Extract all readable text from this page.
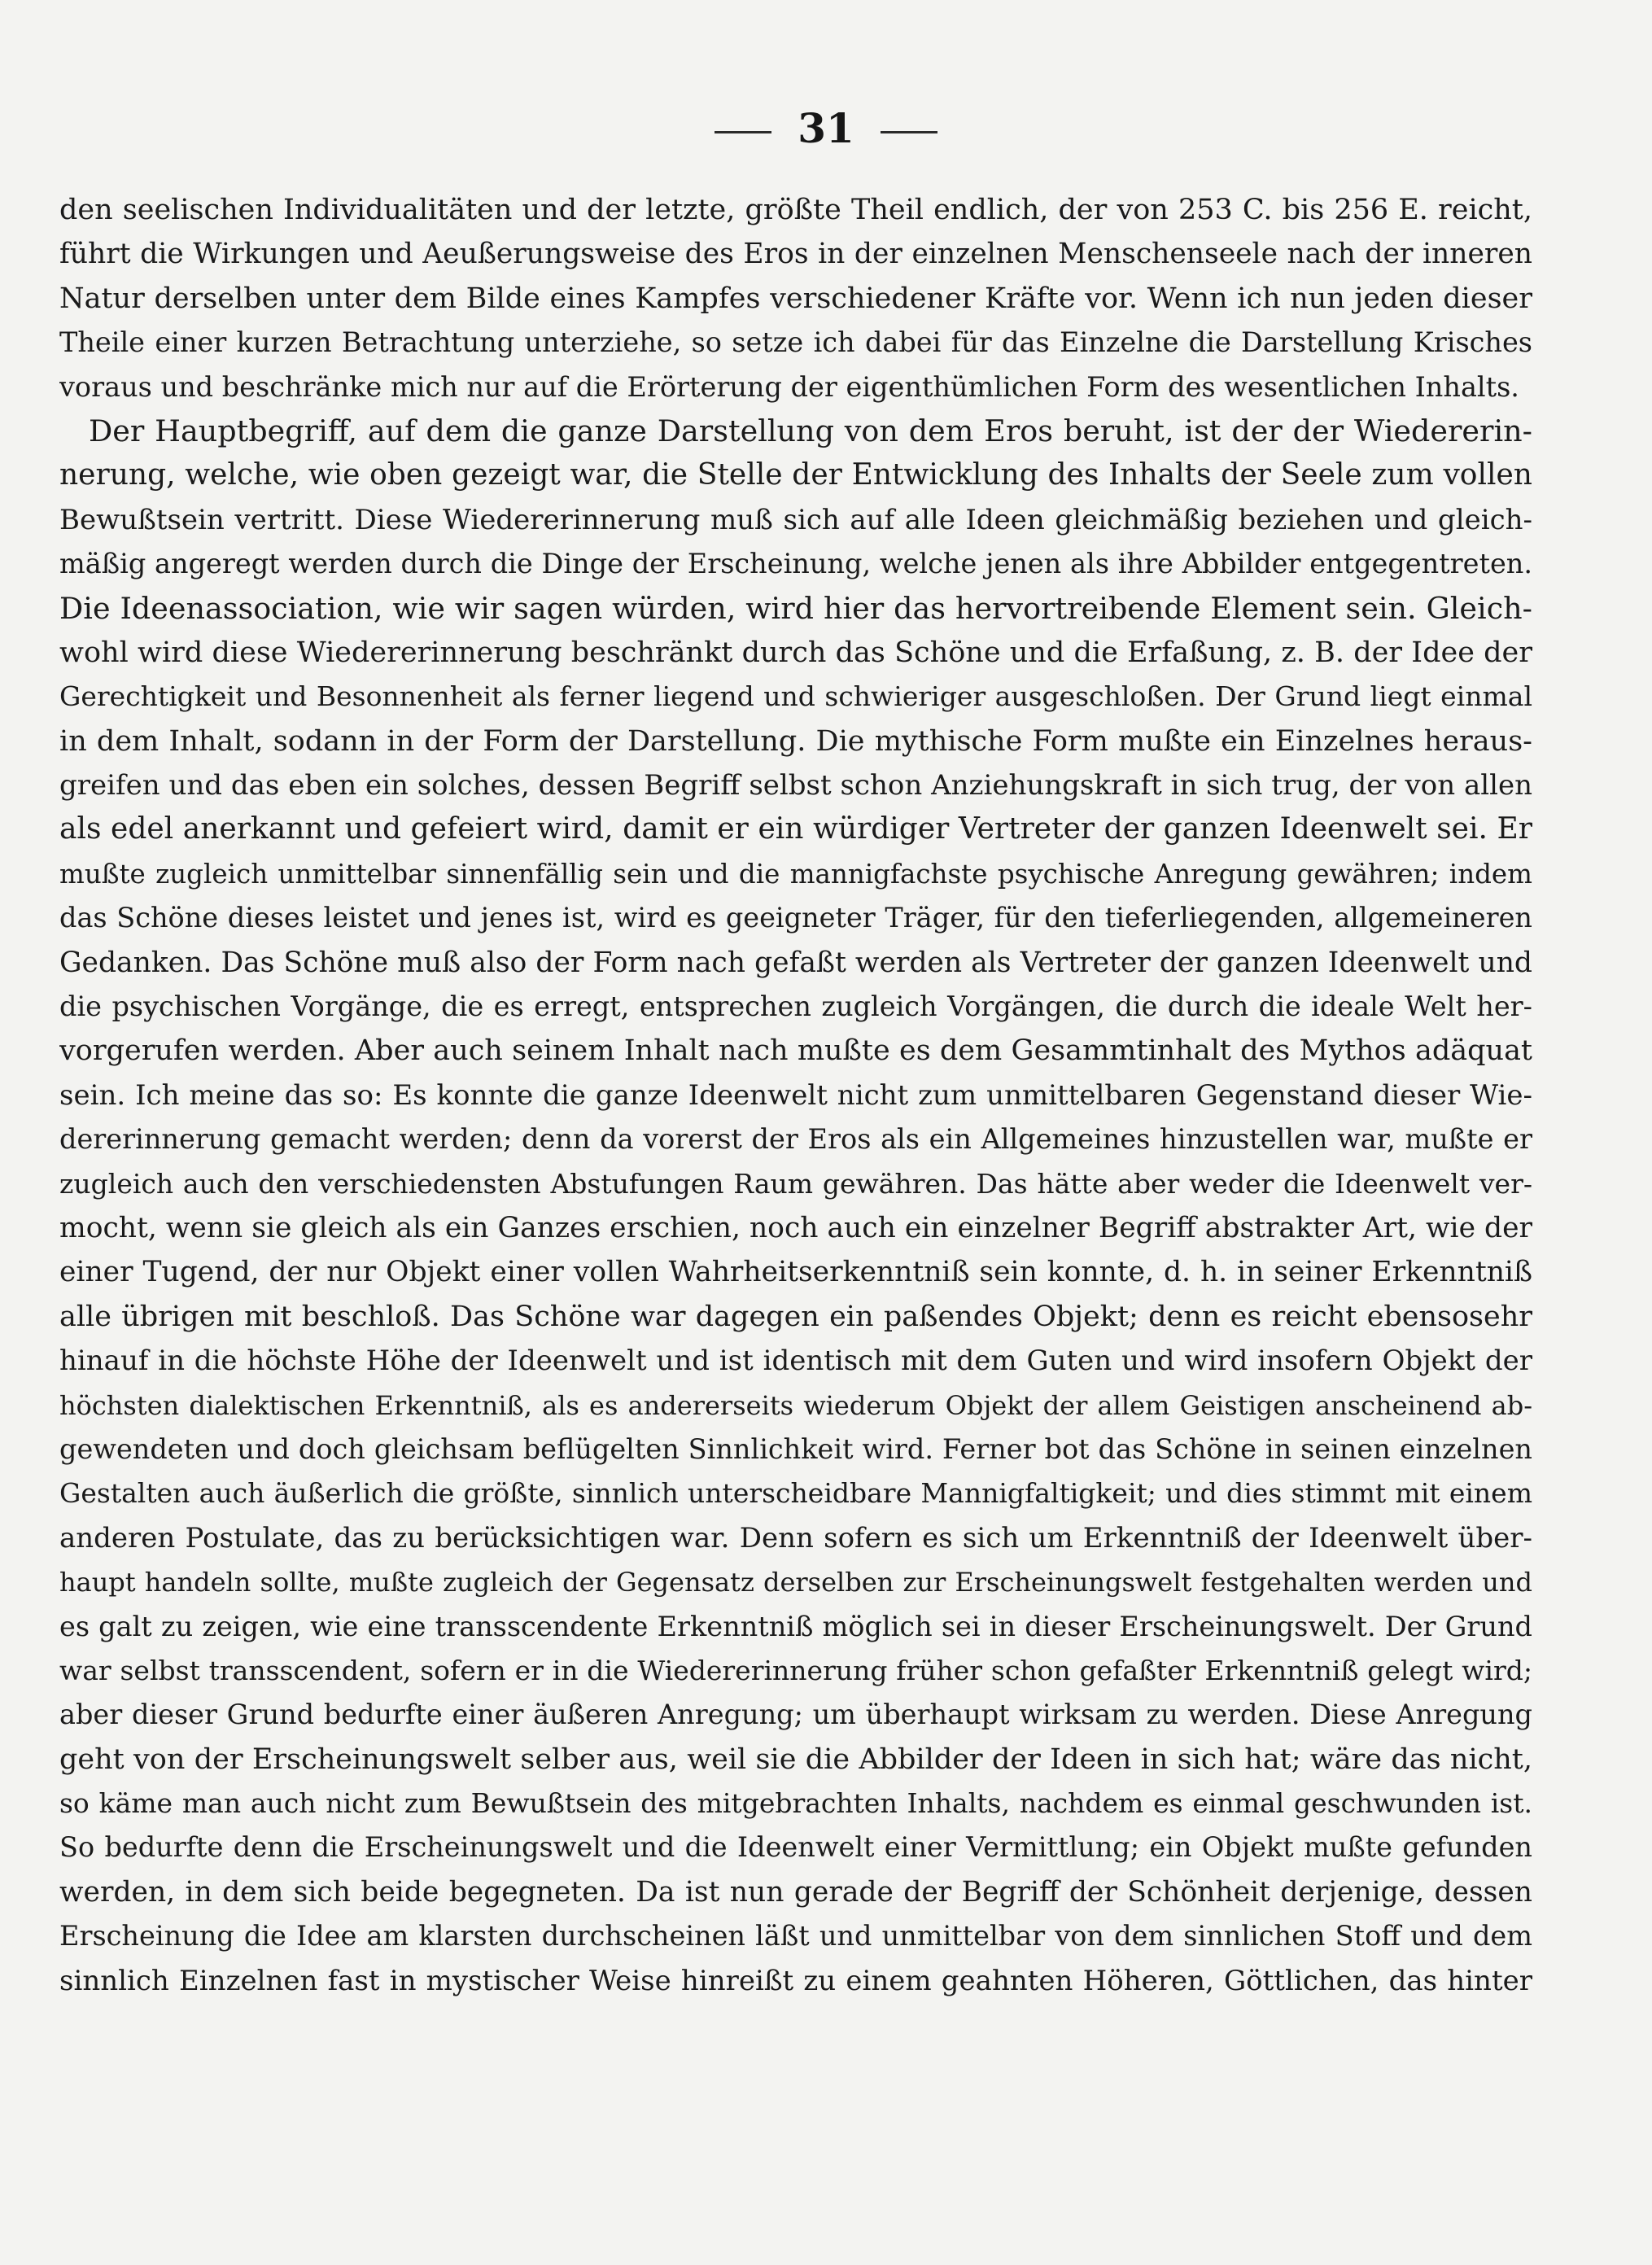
31
den seelischen Individualitäten und der letzte, größte Theil endlich, der von 253 C. bis 256 E. reicht,
führt die Wirkungen und Aeußerungsweise des Eros in der einzelnen Menschenseele nach der inneren
Natur derselben unter dem Bilde eines Kampfes verschiedener Kräfte vor. Wenn ich nun jeden dieser
Theile einer kurzen Betrachtung unterziehe, so setze ich dabei für das Einzelne die Darstellung Krisches
voraus und beschränke mich nur auf die Erörterung der eigenthümlichen Form des wesentlichen Inhalts.
Der Hauptbegriff, auf dem die ganze Darstellung von dem Eros beruht, ist der der Wiedererin-
nerung, welche, wie oben gezeigt war, die Stelle der Entwicklung des Inhalts der Seele zum vollen
Bewußtsein vertritt. Diese Wiedererinnerung muß sich auf alle Ideen gleichmäßig beziehen und gleich-
mäßig angeregt werden durch die Dinge der Erscheinung, welche jenen als ihre Abbilder entgegentreten.
Die Ideenassociation, wie wir sagen würden, wird hier das hervortreibende Element sein. Gleich-
wohl wird diese Wiedererinnerung beschränkt durch das Schöne und die Erfaßung, z. B. der Idee der
Gerechtigkeit und Besonnenheit als ferner liegend und schwieriger ausgeschloßen. Der Grund liegt einmal
in dem Inhalt, sodann in der Form der Darstellung. Die mythische Form mußte ein Einzelnes heraus-
greifen und das eben ein solches, dessen Begriff selbst schon Anziehungskraft in sich trug, der von allen
als edel anerkannt und gefeiert wird, damit er ein würdiger Vertreter der ganzen Ideenwelt sei. Er
mußte zugleich unmittelbar sinnenfällig sein und die mannigfachste psychische Anregung gewähren; indem
das Schöne dieses leistet und jenes ist, wird es geeigneter Träger, für den tieferliegenden, allgemeineren
Gedanken. Das Schöne muß also der Form nach gefaßt werden als Vertreter der ganzen Ideenwelt und
die psychischen Vorgänge, die es erregt, entsprechen zugleich Vorgängen, die durch die ideale Welt her-
vorgerufen werden. Aber auch seinem Inhalt nach mußte es dem Gesammtinhalt des Mythos adäquat
sein. Ich meine das so: Es konnte die ganze Ideenwelt nicht zum unmittelbaren Gegenstand dieser Wie-
dererinnerung gemacht werden; denn da vorerst der Eros als ein Allgemeines hinzustellen war, mußte er
zugleich auch den verschiedensten Abstufungen Raum gewähren. Das hätte aber weder die Ideenwelt ver-
mocht, wenn sie gleich als ein Ganzes erschien, noch auch ein einzelner Begriff abstrakter Art, wie der
einer Tugend, der nur Objekt einer vollen Wahrheitserkenntniß sein konnte, d. h. in seiner Erkenntniß
alle übrigen mit beschloß. Das Schöne war dagegen ein paßendes Objekt; denn es reicht ebensosehr
hinauf in die höchste Höhe der Ideenwelt und ist identisch mit dem Guten und wird insofern Objekt der
höchsten dialektischen Erkenntniß, als es andererseits wiederum Objekt der allem Geistigen anscheinend ab-
gewendeten und doch gleichsam beflügelten Sinnlichkeit wird. Ferner bot das Schöne in seinen einzelnen
Gestalten auch äußerlich die größte, sinnlich unterscheidbare Mannigfaltigkeit; und dies stimmt mit einem
anderen Postulate, das zu berücksichtigen war. Denn sofern es sich um Erkenntniß der Ideenwelt über-
haupt handeln sollte, mußte zugleich der Gegensatz derselben zur Erscheinungswelt festgehalten werden und
es galt zu zeigen, wie eine transscendente Erkenntniß möglich sei in dieser Erscheinungswelt. Der Grund
war selbst transscendent, sofern er in die Wiedererinnerung früher schon gefaßter Erkenntniß gelegt wird;
aber dieser Grund bedurfte einer äußeren Anregung; um überhaupt wirksam zu werden. Diese Anregung
geht von der Erscheinungswelt selber aus, weil sie die Abbilder der Ideen in sich hat; wäre das nicht,
so käme man auch nicht zum Bewußtsein des mitgebrachten Inhalts, nachdem es einmal geschwunden ist.
So bedurfte denn die Erscheinungswelt und die Ideenwelt einer Vermittlung; ein Objekt mußte gefunden
werden, in dem sich beide begegneten. Da ist nun gerade der Begriff der Schönheit derjenige, dessen
Erscheinung die Idee am klarsten durchscheinen läßt und unmittelbar von dem sinnlichen Stoff und dem
sinnlich Einzelnen fast in mystischer Weise hinreißt zu einem geahnten Höheren, Göttlichen, das hinter
